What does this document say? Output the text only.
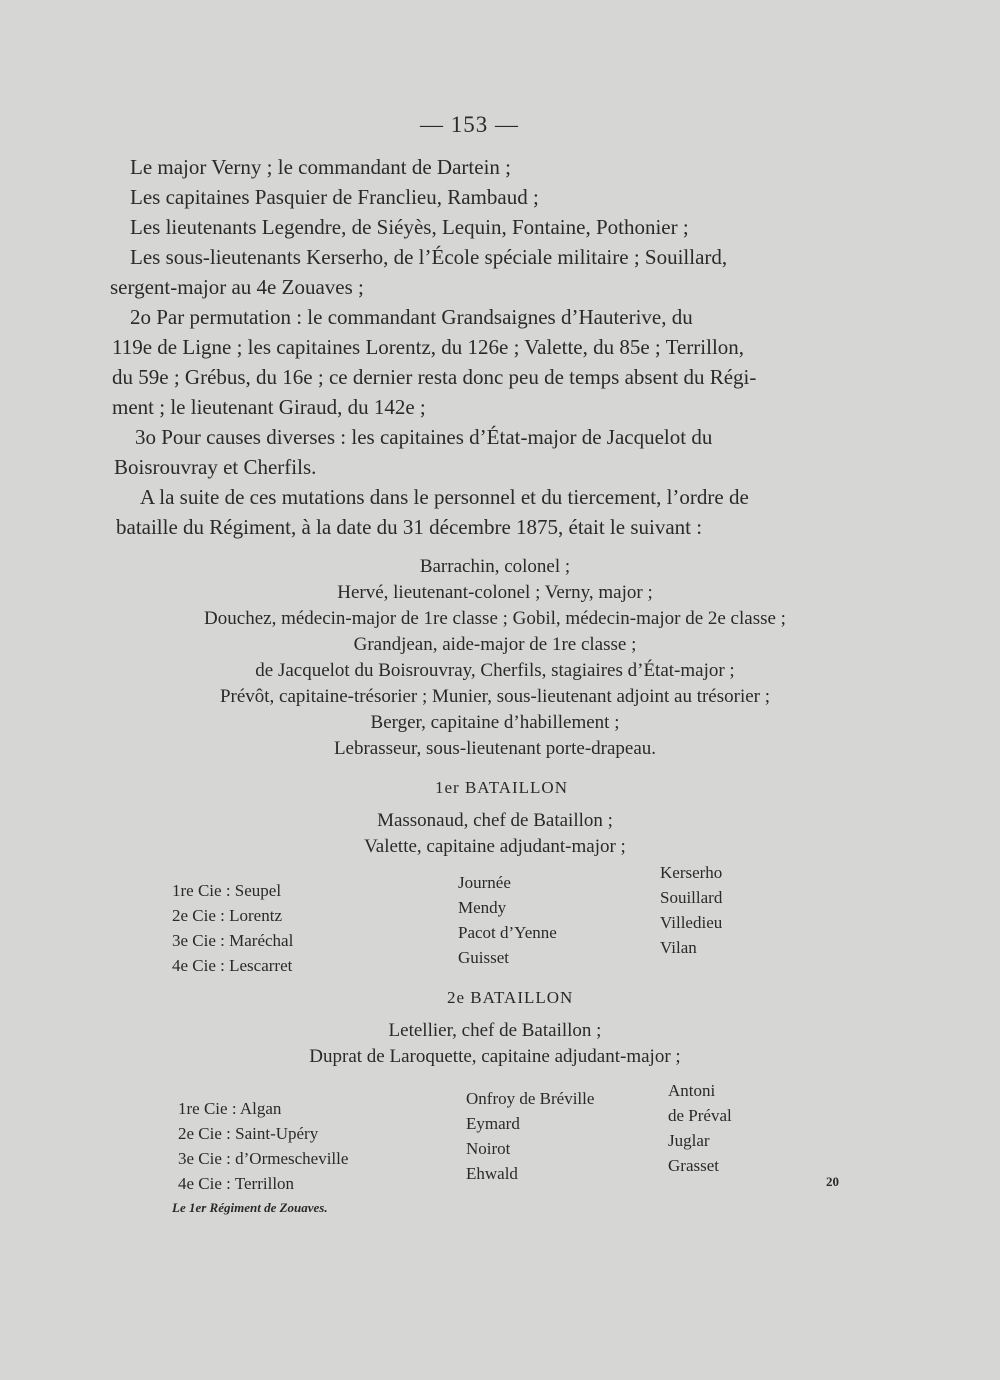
— 153 —
Le major Verny ; le commandant de Dartein ;
Les capitaines Pasquier de Franclieu, Rambaud ;
Les lieutenants Legendre, de Siéyès, Lequin, Fontaine, Pothonier ;
Les sous-lieutenants Kerserho, de l’École spéciale militaire ; Souillard,
sergent-major au 4e Zouaves ;
2o Par permutation : le commandant Grandsaignes d’Hauterive, du
119e de Ligne ; les capitaines Lorentz, du 126e ; Valette, du 85e ; Terrillon,
du 59e ; Grébus, du 16e ; ce dernier resta donc peu de temps absent du Régi-
ment ; le lieutenant Giraud, du 142e ;
3o Pour causes diverses : les capitaines d’État-major de Jacquelot du
Boisrouvray et Cherfils.
A la suite de ces mutations dans le personnel et du tiercement, l’ordre de
bataille du Régiment, à la date du 31 décembre 1875, était le suivant :
Barrachin, colonel ;
Hervé, lieutenant-colonel ; Verny, major ;
Douchez, médecin-major de 1re classe ; Gobil, médecin-major de 2e classe ;
Grandjean, aide-major de 1re classe ;
de Jacquelot du Boisrouvray, Cherfils, stagiaires d’État-major ;
Prévôt, capitaine-trésorier ; Munier, sous-lieutenant adjoint au trésorier ;
Berger, capitaine d’habillement ;
Lebrasseur, sous-lieutenant porte-drapeau.
1er BATAILLON
Massonaud, chef de Bataillon ;
Valette, capitaine adjudant-major ;
1re Cie : Seupel
2e Cie : Lorentz
3e Cie : Maréchal
4e Cie : Lescarret
Journée
Mendy
Pacot d’Yenne
Guisset
Kerserho
Souillard
Villedieu
Vilan
2e BATAILLON
Letellier, chef de Bataillon ;
Duprat de Laroquette, capitaine adjudant-major ;
1re Cie : Algan
2e Cie : Saint-Upéry
3e Cie : d’Ormescheville
4e Cie : Terrillon
Onfroy de Bréville
Eymard
Noirot
Ehwald
Antoni
de Préval
Juglar
Grasset
Le 1er Régiment de Zouaves.
20
